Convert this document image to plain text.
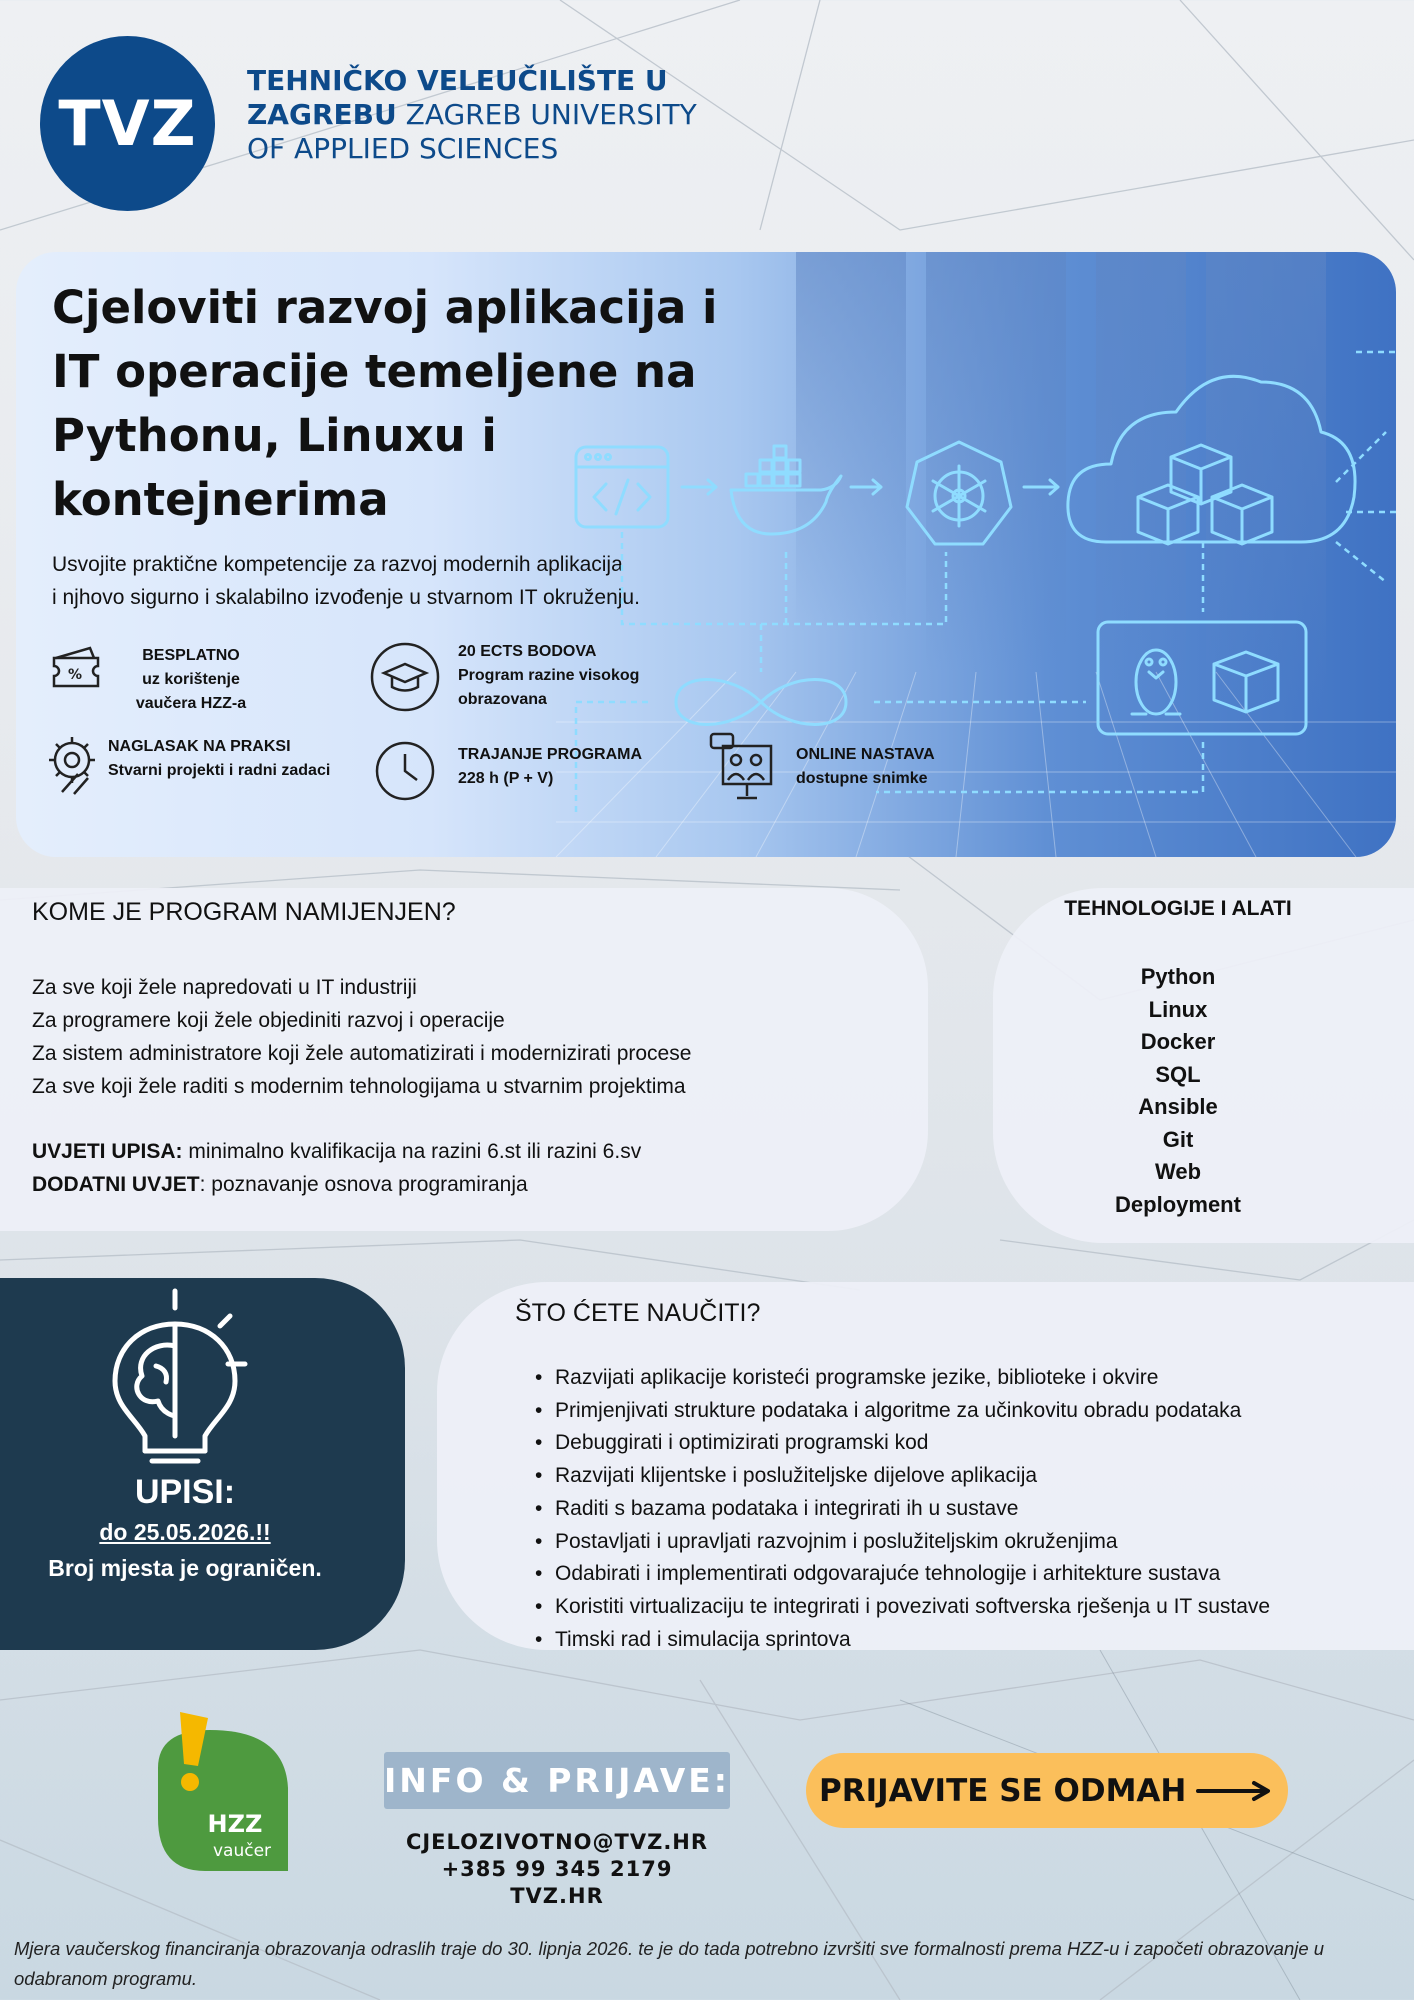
TVZ
TEHNIČKO VELEUČILIŠTE U
ZAGREBU ZAGREB UNIVERSITY
OF APPLIED SCIENCES
Cjeloviti razvoj aplikacija i
IT operacije temeljene na
Pythonu, Linuxu i
kontejnerima
Usvojite praktične kompetencije za razvoj modernih aplikacija
i njhovo sigurno i skalabilno izvođenje u stvarnom IT okruženju.
%
BESPLATNO
uz korištenje
vaučera HZZ-a
20 ECTS BODOVA
Program razine visokog
obrazovana
NAGLASAK NA PRAKSI
Stvarni projekti i radni zadaci
TRAJANJE PROGRAMA
228 h (P + V)
ONLINE NASTAVA
dostupne snimke
KOME JE PROGRAM NAMIJENJEN?
Za sve koji žele napredovati u IT industriji
Za programere koji žele objediniti razvoj i operacije
Za sistem administratore koji žele automatizirati i modernizirati procese
Za sve koji žele raditi s modernim tehnologijama u stvarnim projektima
UVJETI UPISA: minimalno kvalifikacija na razini 6.st ili razini 6.sv
DODATNI UVJET: poznavanje osnova programiranja
TEHNOLOGIJE I ALATI
Python
Linux
Docker
SQL
Ansible
Git
Web
Deployment
UPISI:
do 25.05.2026.!!
Broj mjesta je ograničen.
ŠTO ĆETE NAUČITI?
• Razvijati aplikacije koristeći programske jezike, biblioteke i okvire
• Primjenjivati strukture podataka i algoritme za učinkovitu obradu podataka
• Debuggirati i optimizirati programski kod
• Razvijati klijentske i poslužiteljske dijelove aplikacija
• Raditi s bazama podataka i integrirati ih u sustave
• Postavljati i upravljati razvojnim i poslužiteljskim okruženjima
• Odabirati i implementirati odgovarajuće tehnologije i arhitekture sustava
• Koristiti virtualizaciju te integrirati i povezivati softverska rješenja u IT sustave
• Timski rad i simulacija sprintova
HZZ
vaučer
INFO & PRIJAVE:
CJELOZIVOTNO@TVZ.HR
+385 99 345 2179
TVZ.HR
PRIJAVITE SE ODMAH
Mjera vaučerskog financiranja obrazovanja odraslih traje do 30. lipnja 2026. te je do tada potrebno izvršiti sve formalnosti prema HZZ-u i započeti obrazovanje u odabranom programu.
